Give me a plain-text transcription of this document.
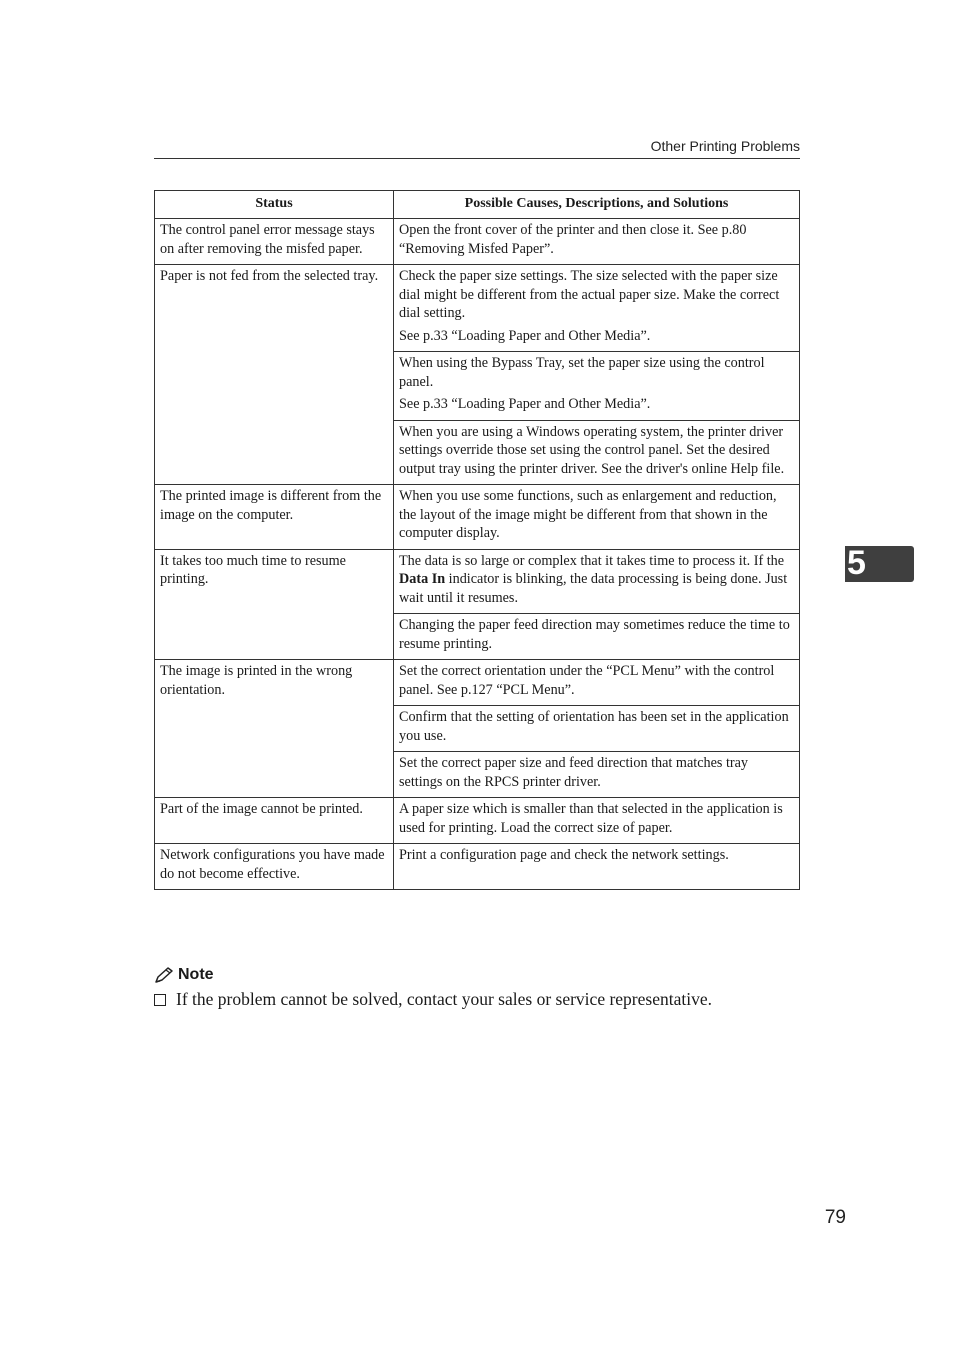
Other Printing Problems
Status	Possible Causes, Descriptions, and Solutions
The control panel error message stays on after removing the misfed paper.	Open the front cover of the printer and then close it. See p.80 “Removing Misfed Paper”.

Paper is not fed from the selected tray.	Check the paper size settings. The size selected with the paper size dial might be different from the actual paper size. Make the correct dial setting.

See p.33 “Loading Paper and Other Media”.

	When using the Bypass Tray, set the paper size using the control panel.

See p.33 “Loading Paper and Other Media”.

	When you are using a Windows operating system, the printer driver settings override those set using the control panel. Set the desired output tray using the printer driver. See the driver's online Help file.

The printed image is different from the image on the computer.	When you use some functions, such as enlargement and reduction, the layout of the image might be different from that shown in the computer display.

It takes too much time to resume printing.	The data is so large or complex that it takes time to process it. If the Data In indicator is blinking, the data processing is being done. Just wait until it resumes.

	Changing the paper feed direction may sometimes reduce the time to resume printing.

The image is printed in the wrong orientation.	Set the correct orientation under the “PCL Menu” with the control panel. See p.127 “PCL Menu”.

	Confirm that the setting of orientation has been set in the application you use.

	Set the correct paper size and feed direction that matches tray settings on the RPCS printer driver.

Part of the image cannot be printed.	A paper size which is smaller than that selected in the application is used for printing. Load the correct size of paper.

Network configurations you have made do not become effective.	Print a configuration page and check the network settings.

5
Note
If the problem cannot be solved, contact your sales or service representative.
79
